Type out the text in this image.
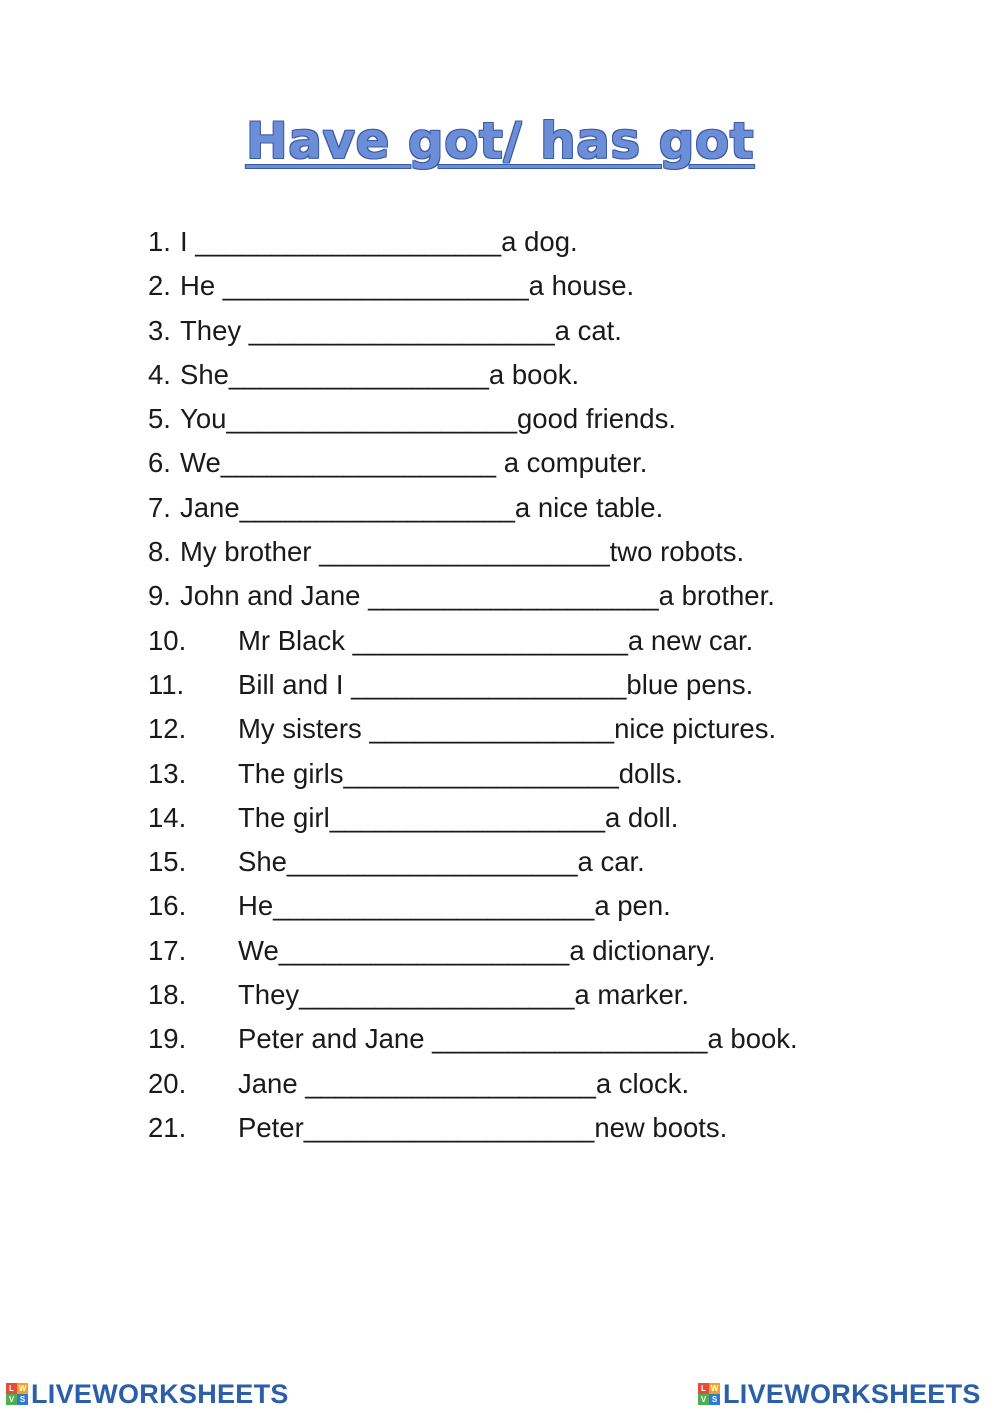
Have got/ has got
1. I ____________________a dog.
2. He ____________________a house.
3. They ____________________a cat.
4. She_________________a book.
5. You___________________good friends.
6. We__________________ a computer.
7. Jane__________________a nice table.
8. My brother ___________________two robots.
9. John and Jane ___________________a brother.
10.	Mr Black __________________a new car.
11.	Bill and I __________________blue pens.
12.	My sisters ________________nice pictures.
13.	The girls__________________dolls.
14.	The girl__________________a doll.
15.	She___________________a car.
16.	He_____________________a pen.
17.	We___________________a dictionary.
18.	They__________________a marker.
19.	Peter and Jane __________________a book.
20.	Jane ___________________a clock.
21.	Peter___________________new boots.
L W
V S LIVEWORKSHEETS	L W
V S LIVEWORKSHEETS
